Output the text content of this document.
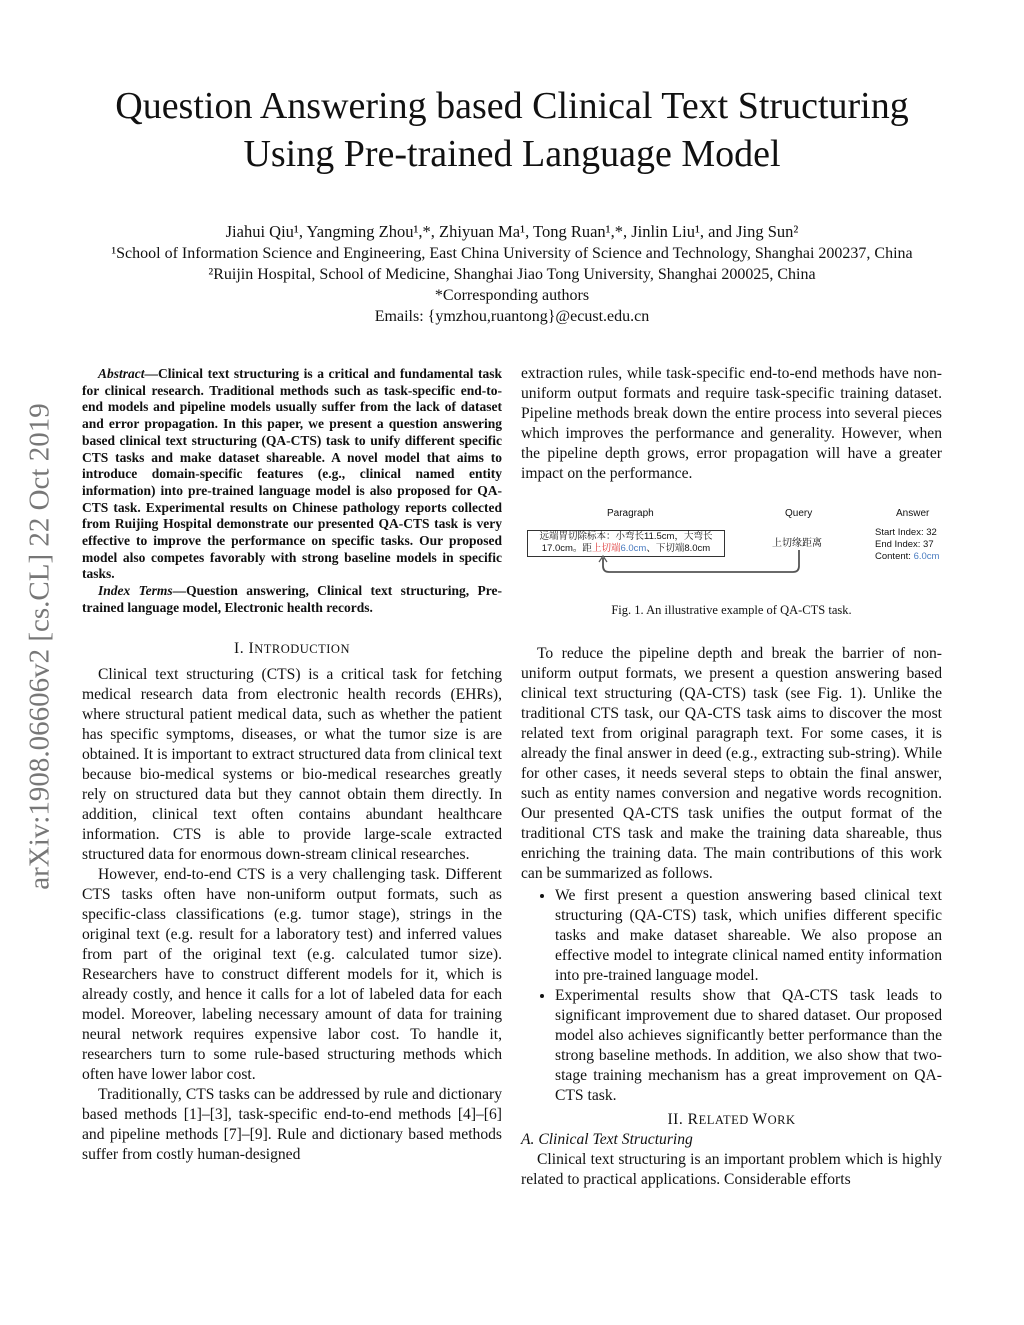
Question Answering based Clinical Text Structuring
Using Pre-trained Language Model
Jiahui Qiu¹, Yangming Zhou¹,*, Zhiyuan Ma¹, Tong Ruan¹,*, Jinlin Liu¹, and Jing Sun²
¹School of Information Science and Engineering, East China University of Science and Technology, Shanghai 200237, China
²Ruijin Hospital, School of Medicine, Shanghai Jiao Tong University, Shanghai 200025, China
*Corresponding authors
Emails: {ymzhou,ruantong}@ecust.edu.cn
arXiv:1908.06606v2 [cs.CL] 22 Oct 2019

Abstract—Clinical text structuring is a critical and fundamental task for clinical research. Traditional methods such as task-specific end-to-end models and pipeline models usually suffer from the lack of dataset and error propagation. In this paper, we present a question answering based clinical text structuring (QA-CTS) task to unify different specific CTS tasks and make dataset shareable. A novel model that aims to introduce domain-specific features (e.g., clinical named entity information) into pre-trained language model is also proposed for QA-CTS task. Experimental results on Chinese pathology reports collected from Ruijing Hospital demonstrate our presented QA-CTS task is very effective to improve the performance on specific tasks. Our proposed model also competes favorably with strong baseline models in specific tasks.

Index Terms—Question answering, Clinical text structuring, Pre-trained language model, Electronic health records.

I. INTRODUCTION

Clinical text structuring (CTS) is a critical task for fetching medical research data from electronic health records (EHRs), where structural patient medical data, such as whether the patient has specific symptoms, diseases, or what the tumor size is are obtained. It is important to extract structured data from clinical text because bio-medical systems or bio-medical researches greatly rely on structured data but they cannot obtain them directly. In addition, clinical text often contains abundant healthcare information. CTS is able to provide large-scale extracted structured data for enormous down-stream clinical researches.

However, end-to-end CTS is a very challenging task. Different CTS tasks often have non-uniform output formats, such as specific-class classifications (e.g. tumor stage), strings in the original text (e.g. result for a laboratory test) and inferred values from part of the original text (e.g. calculated tumor size). Researchers have to construct different models for it, which is already costly, and hence it calls for a lot of labeled data for each model. Moreover, labeling necessary amount of data for training neural network requires expensive labor cost. To handle it, researchers turn to some rule-based structuring methods which often have lower labor cost.

Traditionally, CTS tasks can be addressed by rule and dictionary based methods [1]–[3], task-specific end-to-end methods [4]–[6] and pipeline methods [7]–[9]. Rule and dictionary based methods suffer from costly human-designed

extraction rules, while task-specific end-to-end methods have non-uniform output formats and require task-specific training dataset. Pipeline methods break down the entire process into several pieces which improves the performance and generality. However, when the pipeline depth grows, error propagation will have a greater impact on the performance.

Paragraph	Query	Answer
远端胃切除标本：小弯长11.5cm，大弯长
17.0cm。距上切端6.0cm、下切端8.0cm	上切缘距离
Start Index: 32
End Index: 37
Content: 6.0cm
Fig. 1. An illustrative example of QA-CTS task.

To reduce the pipeline depth and break the barrier of non-uniform output formats, we present a question answering based clinical text structuring (QA-CTS) task (see Fig. 1). Unlike the traditional CTS task, our QA-CTS task aims to discover the most related text from original paragraph text. For some cases, it is already the final answer in deed (e.g., extracting sub-string). While for other cases, it needs several steps to obtain the final answer, such as entity names conversion and negative words recognition. Our presented QA-CTS task unifies the output format of the traditional CTS task and make the training data shareable, thus enriching the training data. The main contributions of this work can be summarized as follows.

• We first present a question answering based clinical text structuring (QA-CTS) task, which unifies different specific tasks and make dataset shareable. We also propose an effective model to integrate clinical named entity information into pre-trained language model.
• Experimental results show that QA-CTS task leads to significant improvement due to shared dataset. Our proposed model also achieves significantly better performance than the strong baseline methods. In addition, we also show that two-stage training mechanism has a great improvement on QA-CTS task.
II. RELATED WORK
A. Clinical Text Structuring

Clinical text structuring is an important problem which is highly related to practical applications. Considerable efforts
